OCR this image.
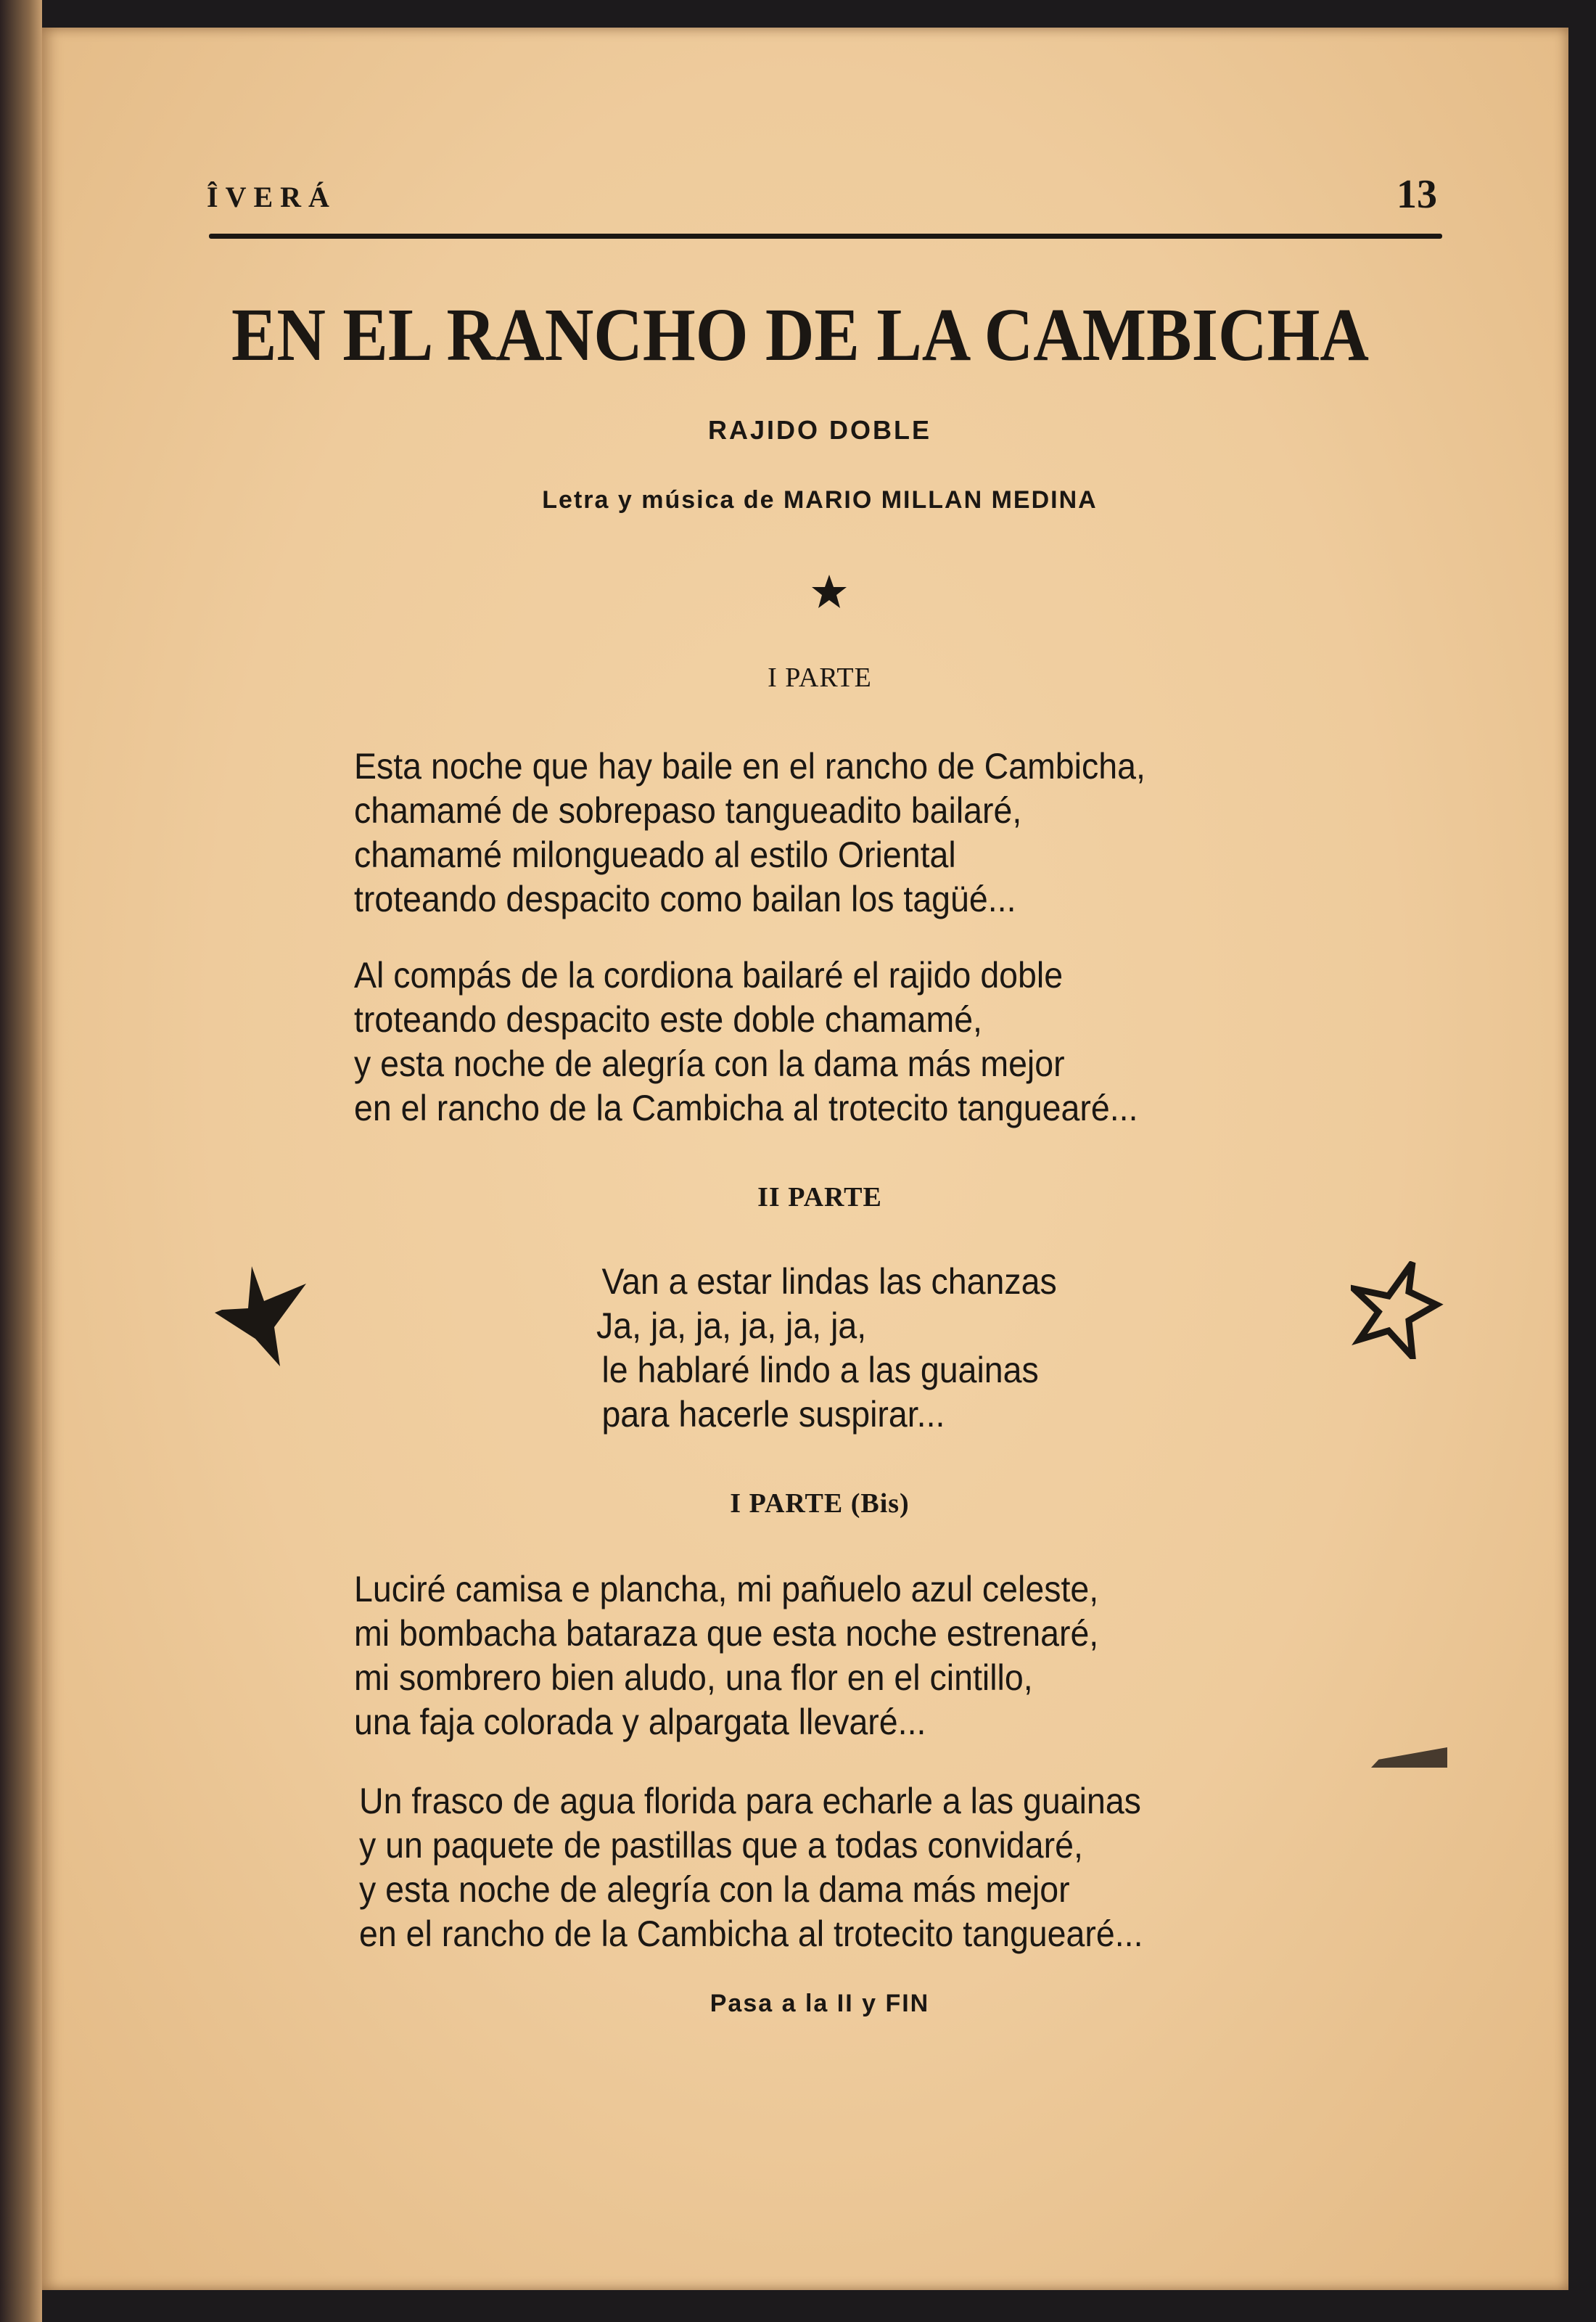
ÎVERÁ	13
EN EL RANCHO DE LA CAMBICHA
RAJIDO DOBLE
Letra y música de MARIO MILLAN MEDINA
I PARTE
Esta noche que hay baile en el rancho de Cambicha,
chamamé de sobrepaso tangueadito bailaré,
chamamé milongueado al estilo Oriental
troteando despacito como bailan los tagüé...
Al compás de la cordiona bailaré el rajido doble
troteando despacito este doble chamamé,
y esta noche de alegría con la dama más mejor
en el rancho de la Cambicha al trotecito tanguearé...
II PARTE
Van a estar lindas las chanzas
Ja, ja, ja, ja, ja, ja,
le hablaré lindo a las guainas
para hacerle suspirar...
I PARTE (Bis)
Luciré camisa e plancha, mi pañuelo azul celeste,
mi bombacha bataraza que esta noche estrenaré,
mi sombrero bien aludo, una flor en el cintillo,
una faja colorada y alpargata llevaré...
Un frasco de agua florida para echarle a las guainas
y un paquete de pastillas que a todas convidaré,
y esta noche de alegría con la dama más mejor
en el rancho de la Cambicha al trotecito tanguearé...
Pasa a la II y FIN
